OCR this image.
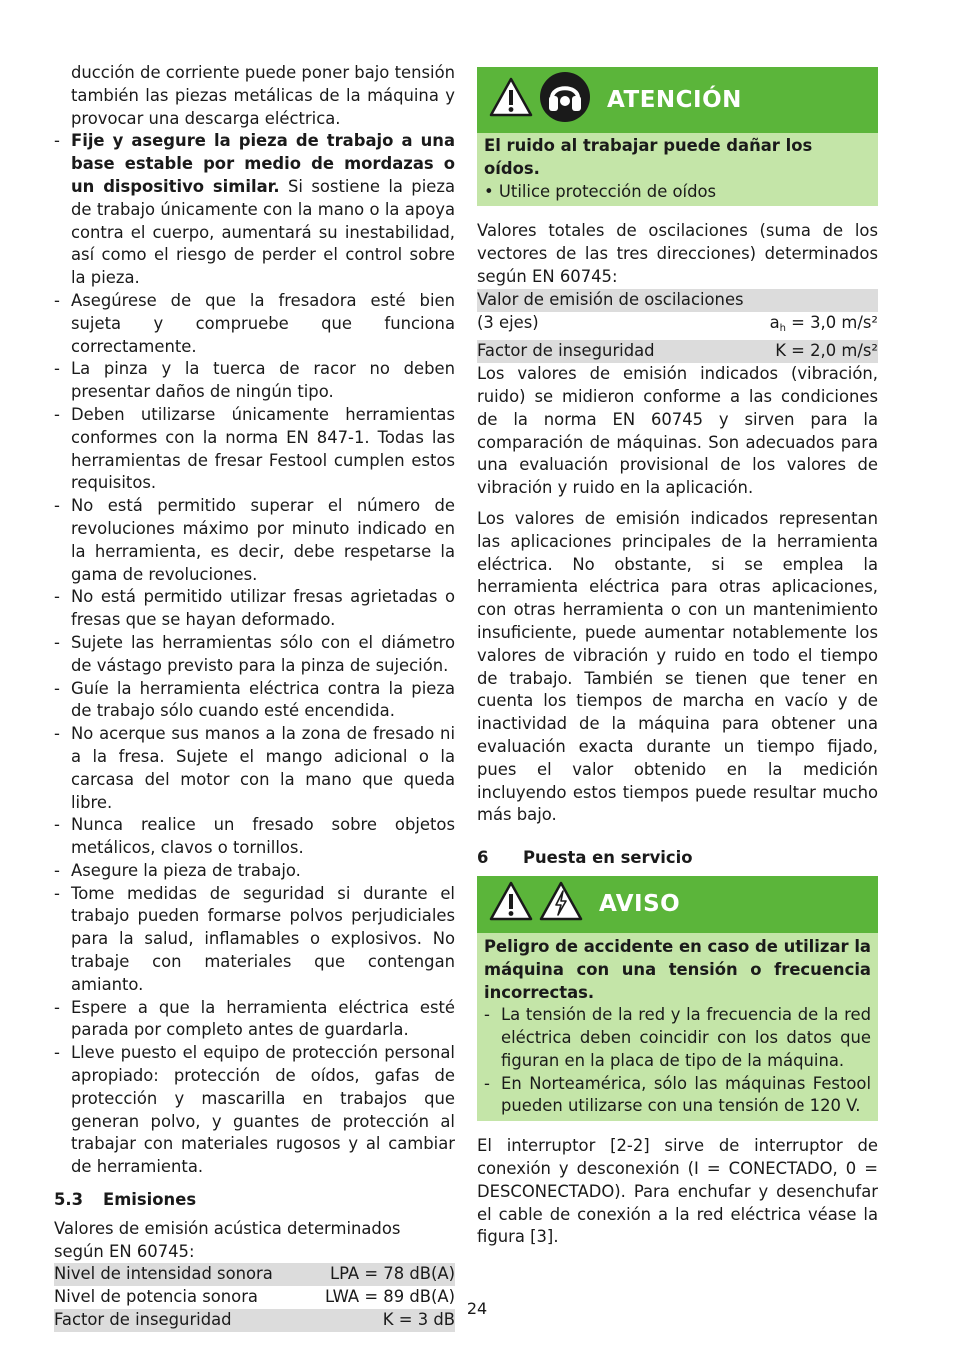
ducción de corriente puede poner bajo tensión también las piezas metálicas de la máquina y provocar una descarga eléctrica.

- Fije y asegure la pieza de trabajo a una base estable por medio de mordazas o un dispositivo similar. Si sostiene la pieza de trabajo únicamente con la mano o la apoya contra el cuerpo, aumentará su inestabilidad, así como el riesgo de perder el control sobre la pieza.
- Asegúrese de que la fresadora esté bien sujeta y compruebe que funciona correctamente.
- La pinza y la tuerca de racor no deben presentar daños de ningún tipo.
- Deben utilizarse únicamente herramientas conformes con la norma EN 847-1. Todas las herramientas de fresar Festool cumplen estos requisitos.
- No está permitido superar el número de revoluciones máximo por minuto indicado en la herramienta, es decir, debe respetarse la gama de revoluciones.
- No está permitido utilizar fresas agrietadas o fresas que se hayan deformado.
- Sujete las herramientas sólo con el diámetro de vástago previsto para la pinza de sujeción.
- Guíe la herramienta eléctrica contra la pieza de trabajo sólo cuando esté encendida.
- No acerque sus manos a la zona de fresado ni a la fresa. Sujete el mango adicional o la carcasa del motor con la mano que queda libre.
- Nunca realice un fresado sobre objetos metálicos, clavos o tornillos.
- Asegure la pieza de trabajo.
- Tome medidas de seguridad si durante el trabajo pueden formarse polvos perjudiciales para la salud, inflamables o explosivos. No trabaje con materiales que contengan amianto.
- Espere a que la herramienta eléctrica esté parada por completo antes de guardarla.
- Lleve puesto el equipo de protección personal apropiado: protección de oídos, gafas de protección y mascarilla en trabajos que generan polvo, y guantes de protección al trabajar con materiales rugosos y al cambiar de herramienta.
5.3	Emisiones

Valores de emisión acústica determinados según EN 60745:

Nivel de intensidad sonora	LPA = 78 dB(A)
Nivel de potencia sonora	LWA = 89 dB(A)
Factor de inseguridad	K = 3 dB
ATENCIÓN
El ruido al trabajar puede dañar los oídos.
• Utilice protección de oídos

Valores totales de oscilaciones (suma de los vectores de las tres direcciones) determinados según EN 60745:

Valor de emisión de oscilaciones
(3 ejes)	$a_h = 3,0$ m/s²
Factor de inseguridad	K = 2,0 m/s²

Los valores de emisión indicados (vibración, ruido) se midieron conforme a las condiciones de la norma EN 60745 y sirven para la comparación de máquinas. Son adecuados para una evaluación provisional de los valores de vibración y ruido en la aplicación.

Los valores de emisión indicados representan las aplicaciones principales de la herramienta eléctrica. No obstante, si se emplea la herramienta eléctrica para otras aplicaciones, con otras herramienta o con un mantenimiento insuficiente, puede aumentar notablemente los valores de vibración y ruido en todo el tiempo de trabajo. También se tienen que tener en cuenta los tiempos de marcha en vacío y de inactividad de la máquina para obtener una evaluación exacta durante un tiempo fijado, pues el valor obtenido en la medición incluyendo estos tiempos puede resultar mucho más bajo.

6	Puesta en servicio
AVISO

Peligro de accidente en caso de utilizar la máquina con una tensión o frecuencia incorrectas.

- La tensión de la red y la frecuencia de la red eléctrica deben coincidir con los datos que figuran en la placa de tipo de la máquina.
- En Norteamérica, sólo las máquinas Festool pueden utilizarse con una tensión de 120 V.

El interruptor [2-2] sirve de interruptor de conexión y desconexión (I = CONECTADO, 0 = DESCONECTADO). Para enchufar y desenchufar el cable de conexión a la red eléctrica véase la figura [3].

24
